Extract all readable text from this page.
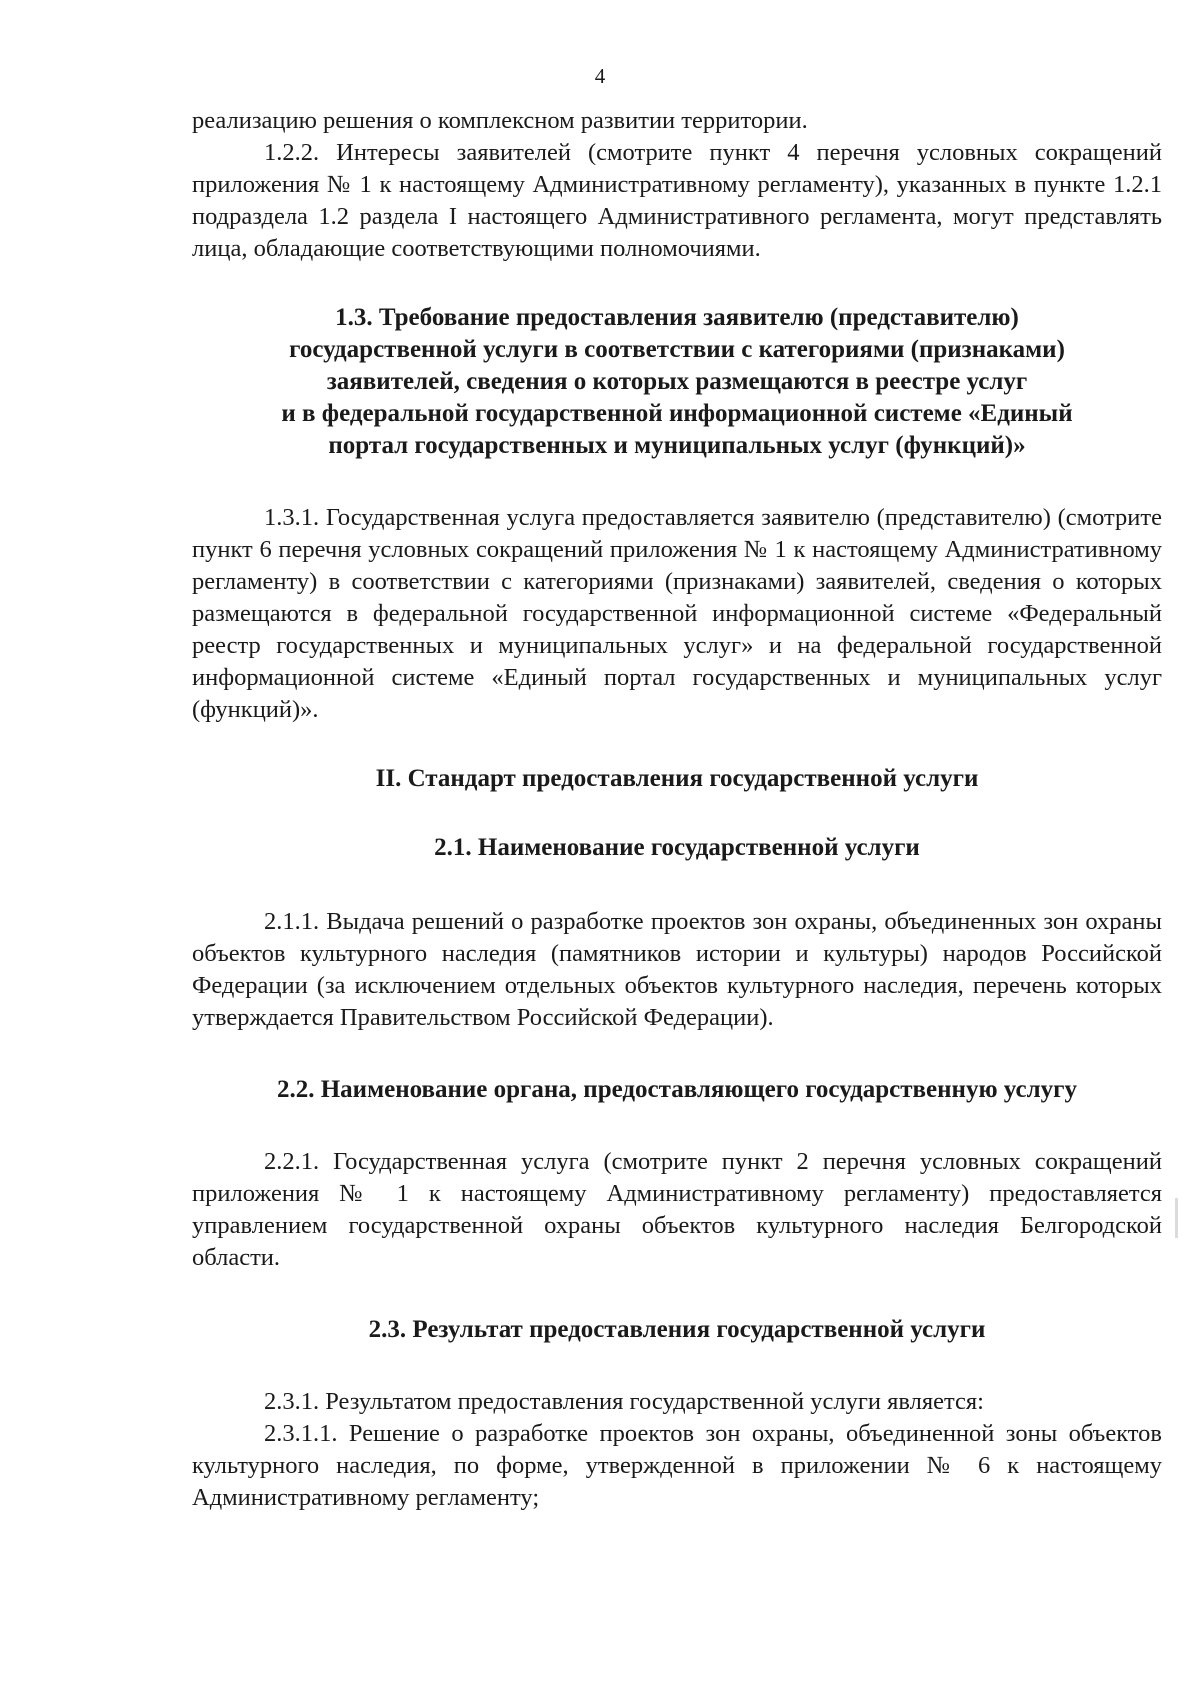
4

реализацию решения о комплексном развитии территории.

1.2.2. Интересы заявителей (смотрите пункт 4 перечня условных сокращений приложения № 1 к настоящему Административному регламенту), указанных в пункте 1.2.1 подраздела 1.2 раздела I настоящего Административного регламента, могут представлять лица, обладающие соответствующими полномочиями.

1.3. Требование предоставления заявителю (представителю)
государственной услуги в соответствии с категориями (признаками)
заявителей, сведения о которых размещаются в реестре услуг
и в федеральной государственной информационной системе «Единый
портал государственных и муниципальных услуг (функций)»

1.3.1. Государственная услуга предоставляется заявителю (представителю) (смотрите пункт 6 перечня условных сокращений приложения № 1 к настоящему Административному регламенту) в соответствии с категориями (признаками) заявителей, сведения о которых размещаются в федеральной государственной информационной системе «Федеральный реестр государственных и муниципальных услуг» и на федеральной государственной информационной системе «Единый портал государственных и муниципальных услуг (функций)».

II. Стандарт предоставления государственной услуги
2.1. Наименование государственной услуги

2.1.1. Выдача решений о разработке проектов зон охраны, объединенных зон охраны объектов культурного наследия (памятников истории и культуры) народов Российской Федерации (за исключением отдельных объектов культурного наследия, перечень которых утверждается Правительством Российской Федерации).

2.2. Наименование органа, предоставляющего государственную услугу

2.2.1. Государственная услуга (смотрите пункт 2 перечня условных сокращений приложения № 1 к настоящему Административному регламенту) предоставляется управлением государственной охраны объектов культурного наследия Белгородской области.

2.3. Результат предоставления государственной услуги

2.3.1. Результатом предоставления государственной услуги является:

2.3.1.1. Решение о разработке проектов зон охраны, объединенной зоны объектов культурного наследия, по форме, утвержденной в приложении № 6 к настоящему Административному регламенту;
